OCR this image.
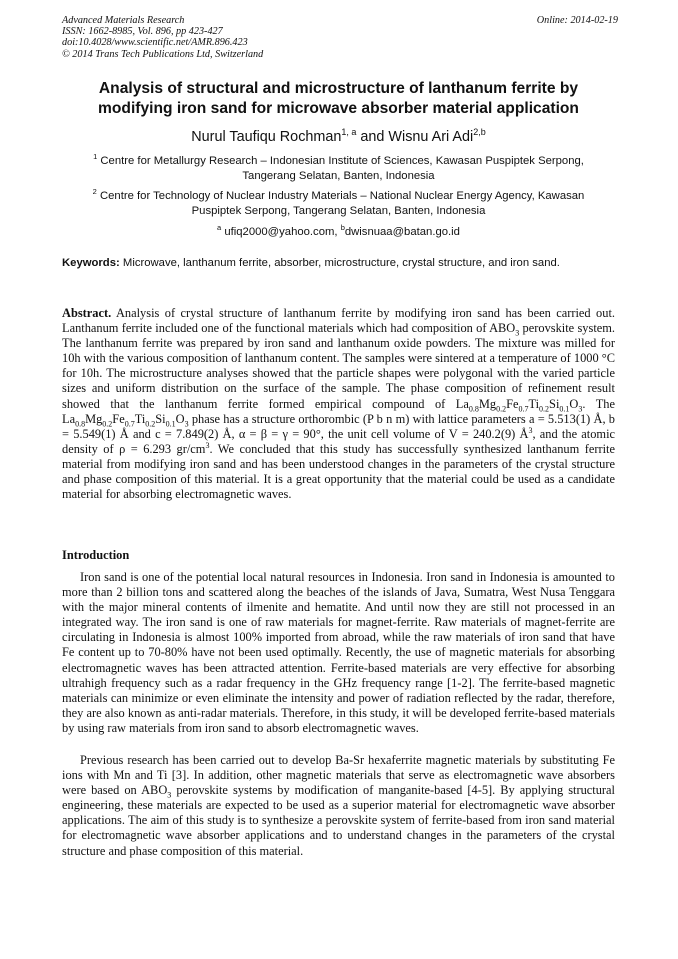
Advanced Materials Research
ISSN: 1662-8985, Vol. 896, pp 423-427
doi:10.4028/www.scientific.net/AMR.896.423
© 2014 Trans Tech Publications Ltd, Switzerland
Online: 2014-02-19
Analysis of structural and microstructure of lanthanum ferrite by
modifying iron sand for microwave absorber material application
Nurul Taufiqu Rochman$^{1, a}$ and Wisnu Ari Adi$^{2,b}$
$^1$ Centre for Metallurgy Research – Indonesian Institute of Sciences, Kawasan Puspiptek Serpong,
Tangerang Selatan, Banten, Indonesia
$^2$ Centre for Technology of Nuclear Industry Materials – National Nuclear Energy Agency, Kawasan
Puspiptek Serpong, Tangerang Selatan, Banten, Indonesia
$^a$ ufiq2000@yahoo.com, $^b$dwisnuaa@batan.go.id
Keywords: Microwave, lanthanum ferrite, absorber, microstructure, crystal structure, and iron sand.
Abstract. Analysis of crystal structure of lanthanum ferrite by modifying iron sand has been carried out. Lanthanum ferrite included one of the functional materials which had composition of $ABO_3$ perovskite system. The lanthanum ferrite was prepared by iron sand and lanthanum oxide powders. The mixture was milled for 10h with the various composition of lanthanum content. The samples were sintered at a temperature of 1000 °C for 10h. The microstructure analyses showed that the particle shapes were polygonal with the varied particle sizes and uniform distribution on the surface of the sample. The phase composition of refinement result showed that the lanthanum ferrite formed empirical compound of $La_{0.8}Mg_{0.2}Fe_{0.7}Ti_{0.2}Si_{0.1}O_3$. The $La_{0.8}Mg_{0.2}Fe_{0.7}Ti_{0.2}Si_{0.1}O_3$ phase has a structure orthorombic (P b n m) with lattice parameters a = 5.513(1) Å, b = 5.549(1) Å and c = 7.849(2) Å, α = β = γ = 90°, the unit cell volume of V = 240.2(9) $Å^3$, and the atomic density of ρ = 6.293 $gr/cm^3$. We concluded that this study has successfully synthesized lanthanum ferrite material from modifying iron sand and has been understood changes in the parameters of the crystal structure and phase composition of this material. It is a great opportunity that the material could be used as a candidate material for absorbing electromagnetic waves.
Introduction

Iron sand is one of the potential local natural resources in Indonesia. Iron sand in Indonesia is amounted to more than 2 billion tons and scattered along the beaches of the islands of Java, Sumatra, West Nusa Tenggara with the major mineral contents of ilmenite and hematite. And until now they are still not processed in an integrated way. The iron sand is one of raw materials for magnet-ferrite. Raw materials of magnet-ferrite are circulating in Indonesia is almost 100% imported from abroad, while the raw materials of iron sand that have Fe content up to 70-80% have not been used optimally. Recently, the use of magnetic materials for absorbing electromagnetic waves has been attracted attention. Ferrite-based materials are very effective for absorbing ultrahigh frequency such as a radar frequency in the GHz frequency range [1-2]. The ferrite-based magnetic materials can minimize or even eliminate the intensity and power of radiation reflected by the radar, therefore, they are also known as anti-radar materials. Therefore, in this study, it will be developed ferrite-based materials by using raw materials from iron sand to absorb electromagnetic waves.

Previous research has been carried out to develop Ba-Sr hexaferrite magnetic materials by substituting Fe ions with Mn and Ti [3]. In addition, other magnetic materials that serve as electromagnetic wave absorbers were based on $ABO_3$ perovskite systems by modification of manganite-based [4-5]. By applying structural engineering, these materials are expected to be used as a superior material for electromagnetic wave absorber applications. The aim of this study is to synthesize a perovskite system of ferrite-based from iron sand material for electromagnetic wave absorber applications and to understand changes in the parameters of the crystal structure and phase composition of this material.
